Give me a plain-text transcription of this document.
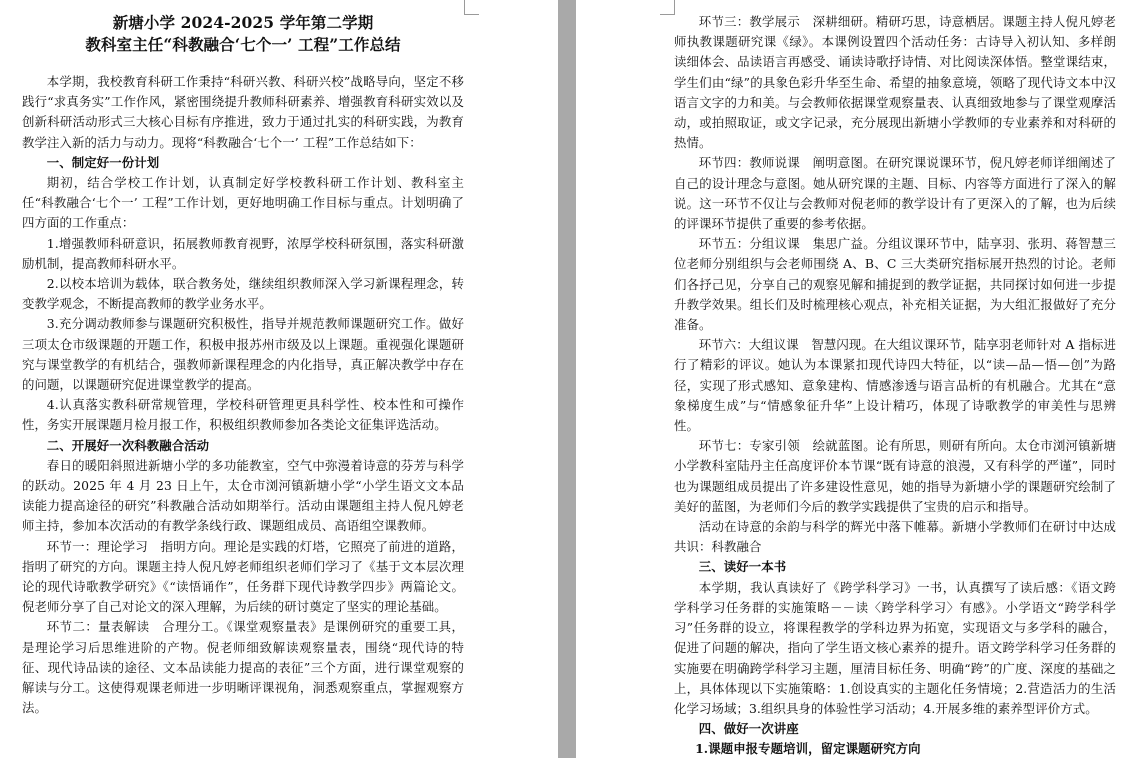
新塘小学 2024-2025 学年第二学期
教科室主任“科教融合‘七个一’ 工程”工作总结
本学期，我校教育科研工作秉持“科研兴教、科研兴校”战略导向，坚定不移践行“求真务实”工作作风，紧密围绕提升教师科研素养、增强教育科研实效以及创新科研活动形式三大核心目标有序推进，致力于通过扎实的科研实践，为教育教学注入新的活力与动力。现将“科教融合‘七个一’ 工程”工作总结如下：
一、制定好一份计划
期初，结合学校工作计划，认真制定好学校教科研工作计划、教科室主任“科教融合‘七个一’ 工程”工作计划，更好地明确工作目标与重点。计划明确了四方面的工作重点：
1.增强教师科研意识，拓展教师教育视野，浓厚学校科研氛围，落实科研激励机制，提高教师科研水平。
2.以校本培训为载体，联合教务处，继续组织教师深入学习新课程理念，转变教学观念，不断提高教师的教学业务水平。
3.充分调动教师参与课题研究积极性，指导并规范教师课题研究工作。做好三项太仓市级课题的开题工作，积极申报苏州市级及以上课题。重视强化课题研究与课堂教学的有机结合，强教师新课程理念的内化指导，真正解决教学中存在的问题，以课题研究促进课堂教学的提高。
4.认真落实教科研常规管理，学校科研管理更具科学性、校本性和可操作性，务实开展课题月检月报工作，积极组织教师参加各类论文征集评选活动。
二、开展好一次科教融合活动
春日的暖阳斜照进新塘小学的多功能教室，空气中弥漫着诗意的芬芳与科学的跃动。2025 年 4 月 23 日上午，太仓市浏河镇新塘小学“小学生语文文本品读能力提高途径的研究”科教融合活动如期举行。活动由课题组主持人倪凡婷老师主持，参加本次活动的有教学条线行政、课题组成员、高语组空课教师。
环节一：理论学习　指明方向。理论是实践的灯塔，它照亮了前进的道路，指明了研究的方向。课题主持人倪凡婷老师组织老师们学习了《基于文本层次理论的现代诗歌教学研究》《“读悟诵作”，任务群下现代诗教学四步》两篇论文。倪老师分享了自己对论文的深入理解，为后续的研讨奠定了坚实的理论基础。
环节二：量表解读　合理分工。《课堂观察量表》是课例研究的重要工具，是理论学习后思维进阶的产物。倪老师细致解读观察量表，围绕“现代诗的特征、现代诗品读的途径、文本品读能力提高的表征”三个方面，进行课堂观察的解读与分工。这使得观课老师进一步明晰评课视角，洞悉观察重点，掌握观察方法。
环节三：教学展示　深耕细研。精研巧思，诗意栖居。课题主持人倪凡婷老师执教课题研究课《绿》。本课例设置四个活动任务：古诗导入初认知、多样朗读细体会、品读语言再感受、诵读诗歌抒诗情、对比阅读深体悟。整堂课结束，学生们由“绿”的具象色彩升华至生命、希望的抽象意境，领略了现代诗文本中汉语言文字的力和美。与会教师依据课堂观察量表、认真细致地参与了课堂观摩活动，或拍照取证，或文字记录，充分展现出新塘小学教师的专业素养和对科研的热情。
环节四：教师说课　阐明意图。在研究课说课环节，倪凡婷老师详细阐述了自己的设计理念与意图。她从研究课的主题、目标、内容等方面进行了深入的解说。这一环节不仅让与会教师对倪老师的教学设计有了更深入的了解，也为后续的评课环节提供了重要的参考依据。
环节五：分组议课　集思广益。分组议课环节中，陆享羽、张玥、蒋智慧三位老师分别组织与会老师围绕 A、B、C 三大类研究指标展开热烈的讨论。老师们各抒己见，分享自己的观察见解和捕捉到的教学证据，共同探讨如何进一步提升教学效果。组长们及时梳理核心观点，补充相关证据，为大组汇报做好了充分准备。
环节六：大组议课　智慧闪现。在大组议课环节，陆享羽老师针对 A 指标进行了精彩的评议。她认为本课紧扣现代诗四大特征，以“读—品—悟—创”为路径，实现了形式感知、意象建构、情感渗透与语言品析的有机融合。尤其在“意象梯度生成”与“情感象征升华”上设计精巧，体现了诗歌教学的审美性与思辨性。
环节七：专家引领　绘就蓝图。论有所思，则研有所向。太仓市浏河镇新塘小学教科室陆丹主任高度评价本节课“既有诗意的浪漫，又有科学的严谨”，同时也为课题组成员提出了许多建设性意见，她的指导为新塘小学的课题研究绘制了美好的蓝图，为老师们今后的教学实践提供了宝贵的启示和指导。
活动在诗意的余韵与科学的辉光中落下帷幕。新塘小学教师们在研讨中达成共识：科教融合
三、读好一本书
本学期，我认真读好了《跨学科学习》一书，认真撰写了读后感：《语文跨学科学习任务群的实施策略－－读〈跨学科学习〉有感》。小学语文“跨学科学习”任务群的设立，将课程教学的学科边界为拓宽，实现语文与多学科的融合，促进了问题的解决，指向了学生语文核心素养的提升。语文跨学科学习任务群的实施要在明确跨学科学习主题，厘清目标任务、明确“跨”的广度、深度的基础之上，具体体现以下实施策略：1.创设真实的主题化任务情境；2.营造活力的生活化学习场域；3.组织具身的体验性学习活动；4.开展多维的素养型评价方式。
四、做好一次讲座
1.课题申报专题培训，留定课题研究方向
